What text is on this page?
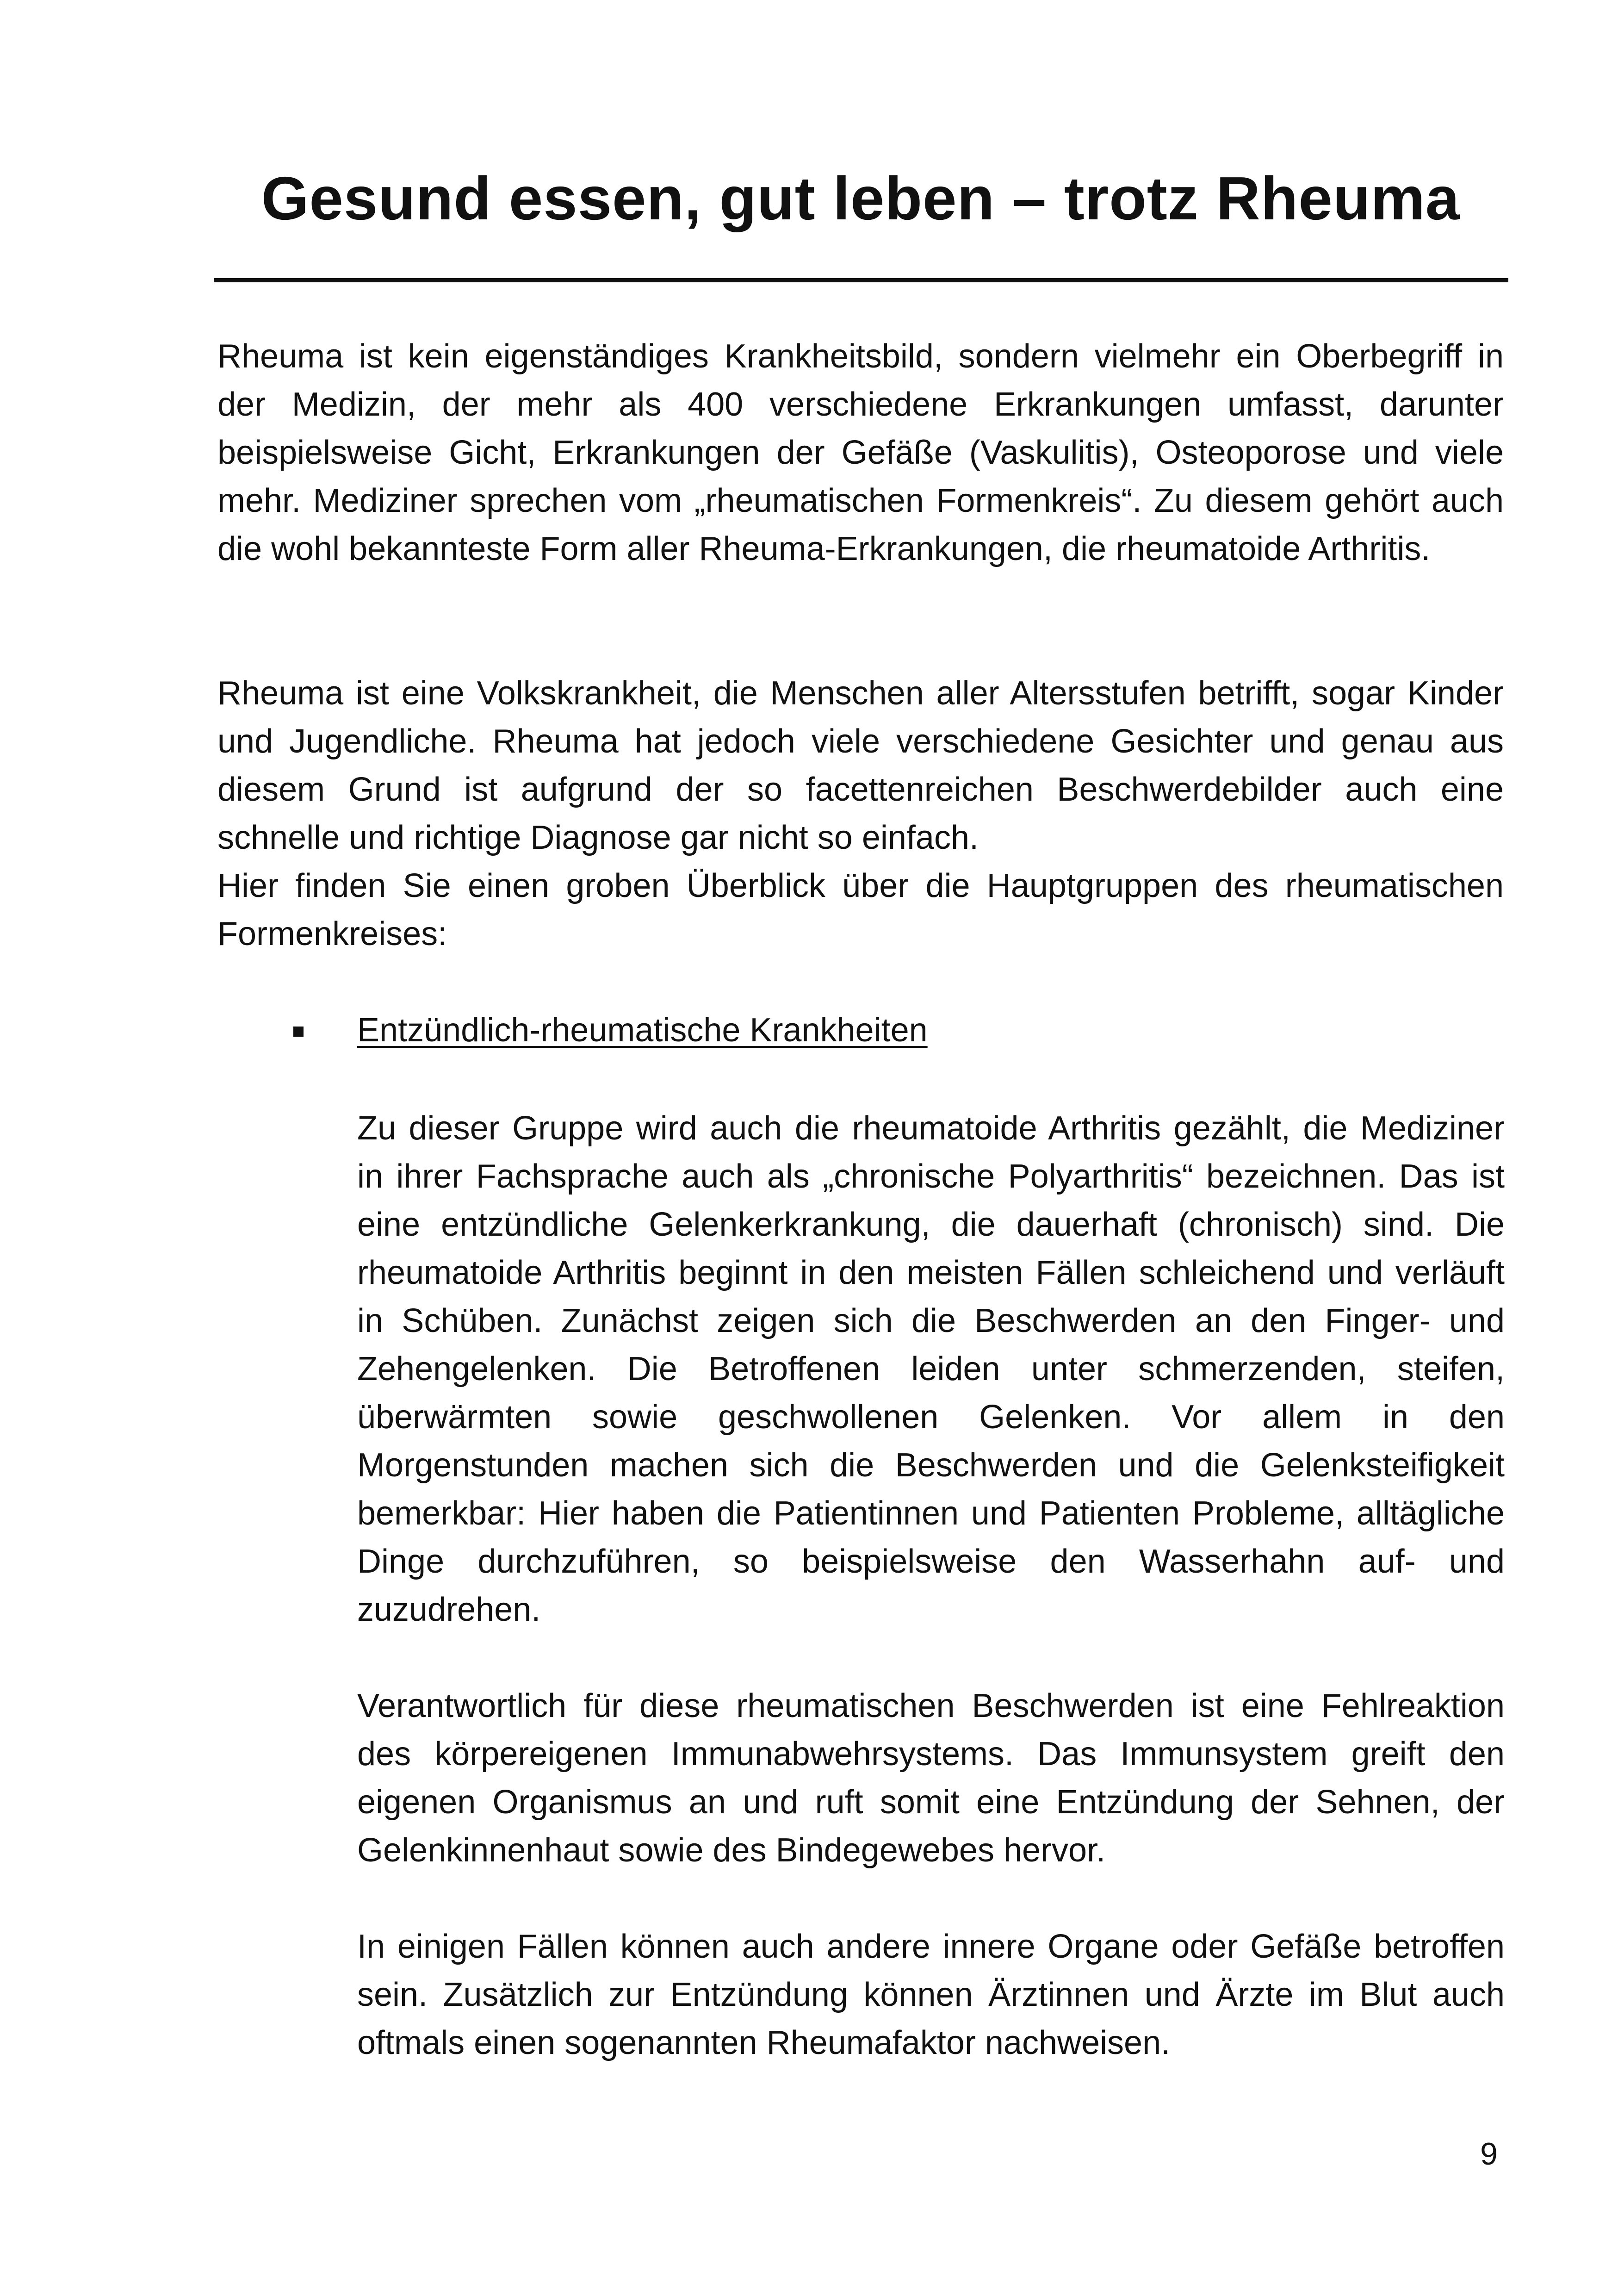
Gesund essen, gut leben – trotz Rheuma

Rheuma ist kein eigenständiges Krankheitsbild, sondern vielmehr ein Oberbegriff in der Medizin, der mehr als 400 verschiedene Erkrankungen umfasst, darunter beispielsweise Gicht, Erkrankungen der Gefäße (Vaskulitis), Osteoporose und viele mehr. Mediziner sprechen vom „rheumatischen Formenkreis“. Zu diesem gehört auch die wohl bekannteste Form aller Rheuma-Erkrankungen, die rheumatoide Arthritis.

Rheuma ist eine Volkskrankheit, die Menschen aller Altersstufen betrifft, sogar Kinder und Jugendliche. Rheuma hat jedoch viele verschiedene Gesichter und genau aus diesem Grund ist aufgrund der so facettenreichen Beschwerdebilder auch eine schnelle und richtige Diagnose gar nicht so einfach.

Hier finden Sie einen groben Überblick über die Hauptgruppen des rheumatischen Formenkreises:

Entzündlich-rheumatische Krankheiten

Zu dieser Gruppe wird auch die rheumatoide Arthritis gezählt, die Mediziner in ihrer Fachsprache auch als „chronische Polyarthritis“ bezeichnen. Das ist eine entzündliche Gelenkerkrankung, die dauerhaft (chronisch) sind. Die rheumatoide Arthritis beginnt in den meisten Fällen schleichend und verläuft in Schüben. Zunächst zeigen sich die Beschwerden an den Finger- und Zehengelenken. Die Betroffenen leiden unter schmerzenden, steifen, überwärmten sowie geschwollenen Gelenken. Vor allem in den Morgenstunden machen sich die Beschwerden und die Gelenksteifigkeit bemerkbar: Hier haben die Patientinnen und Patienten Probleme, alltägliche Dinge durchzuführen, so beispielsweise den Wasserhahn auf- und zuzudrehen.

Verantwortlich für diese rheumatischen Beschwerden ist eine Fehlreaktion des körpereigenen Immunabwehrsystems. Das Immunsystem greift den eigenen Organismus an und ruft somit eine Entzündung der Sehnen, der Gelenkinnenhaut sowie des Bindegewebes hervor.

In einigen Fällen können auch andere innere Organe oder Gefäße betroffen sein. Zusätzlich zur Entzündung können Ärztinnen und Ärzte im Blut auch oftmals einen sogenannten Rheumafaktor nachweisen.

9
